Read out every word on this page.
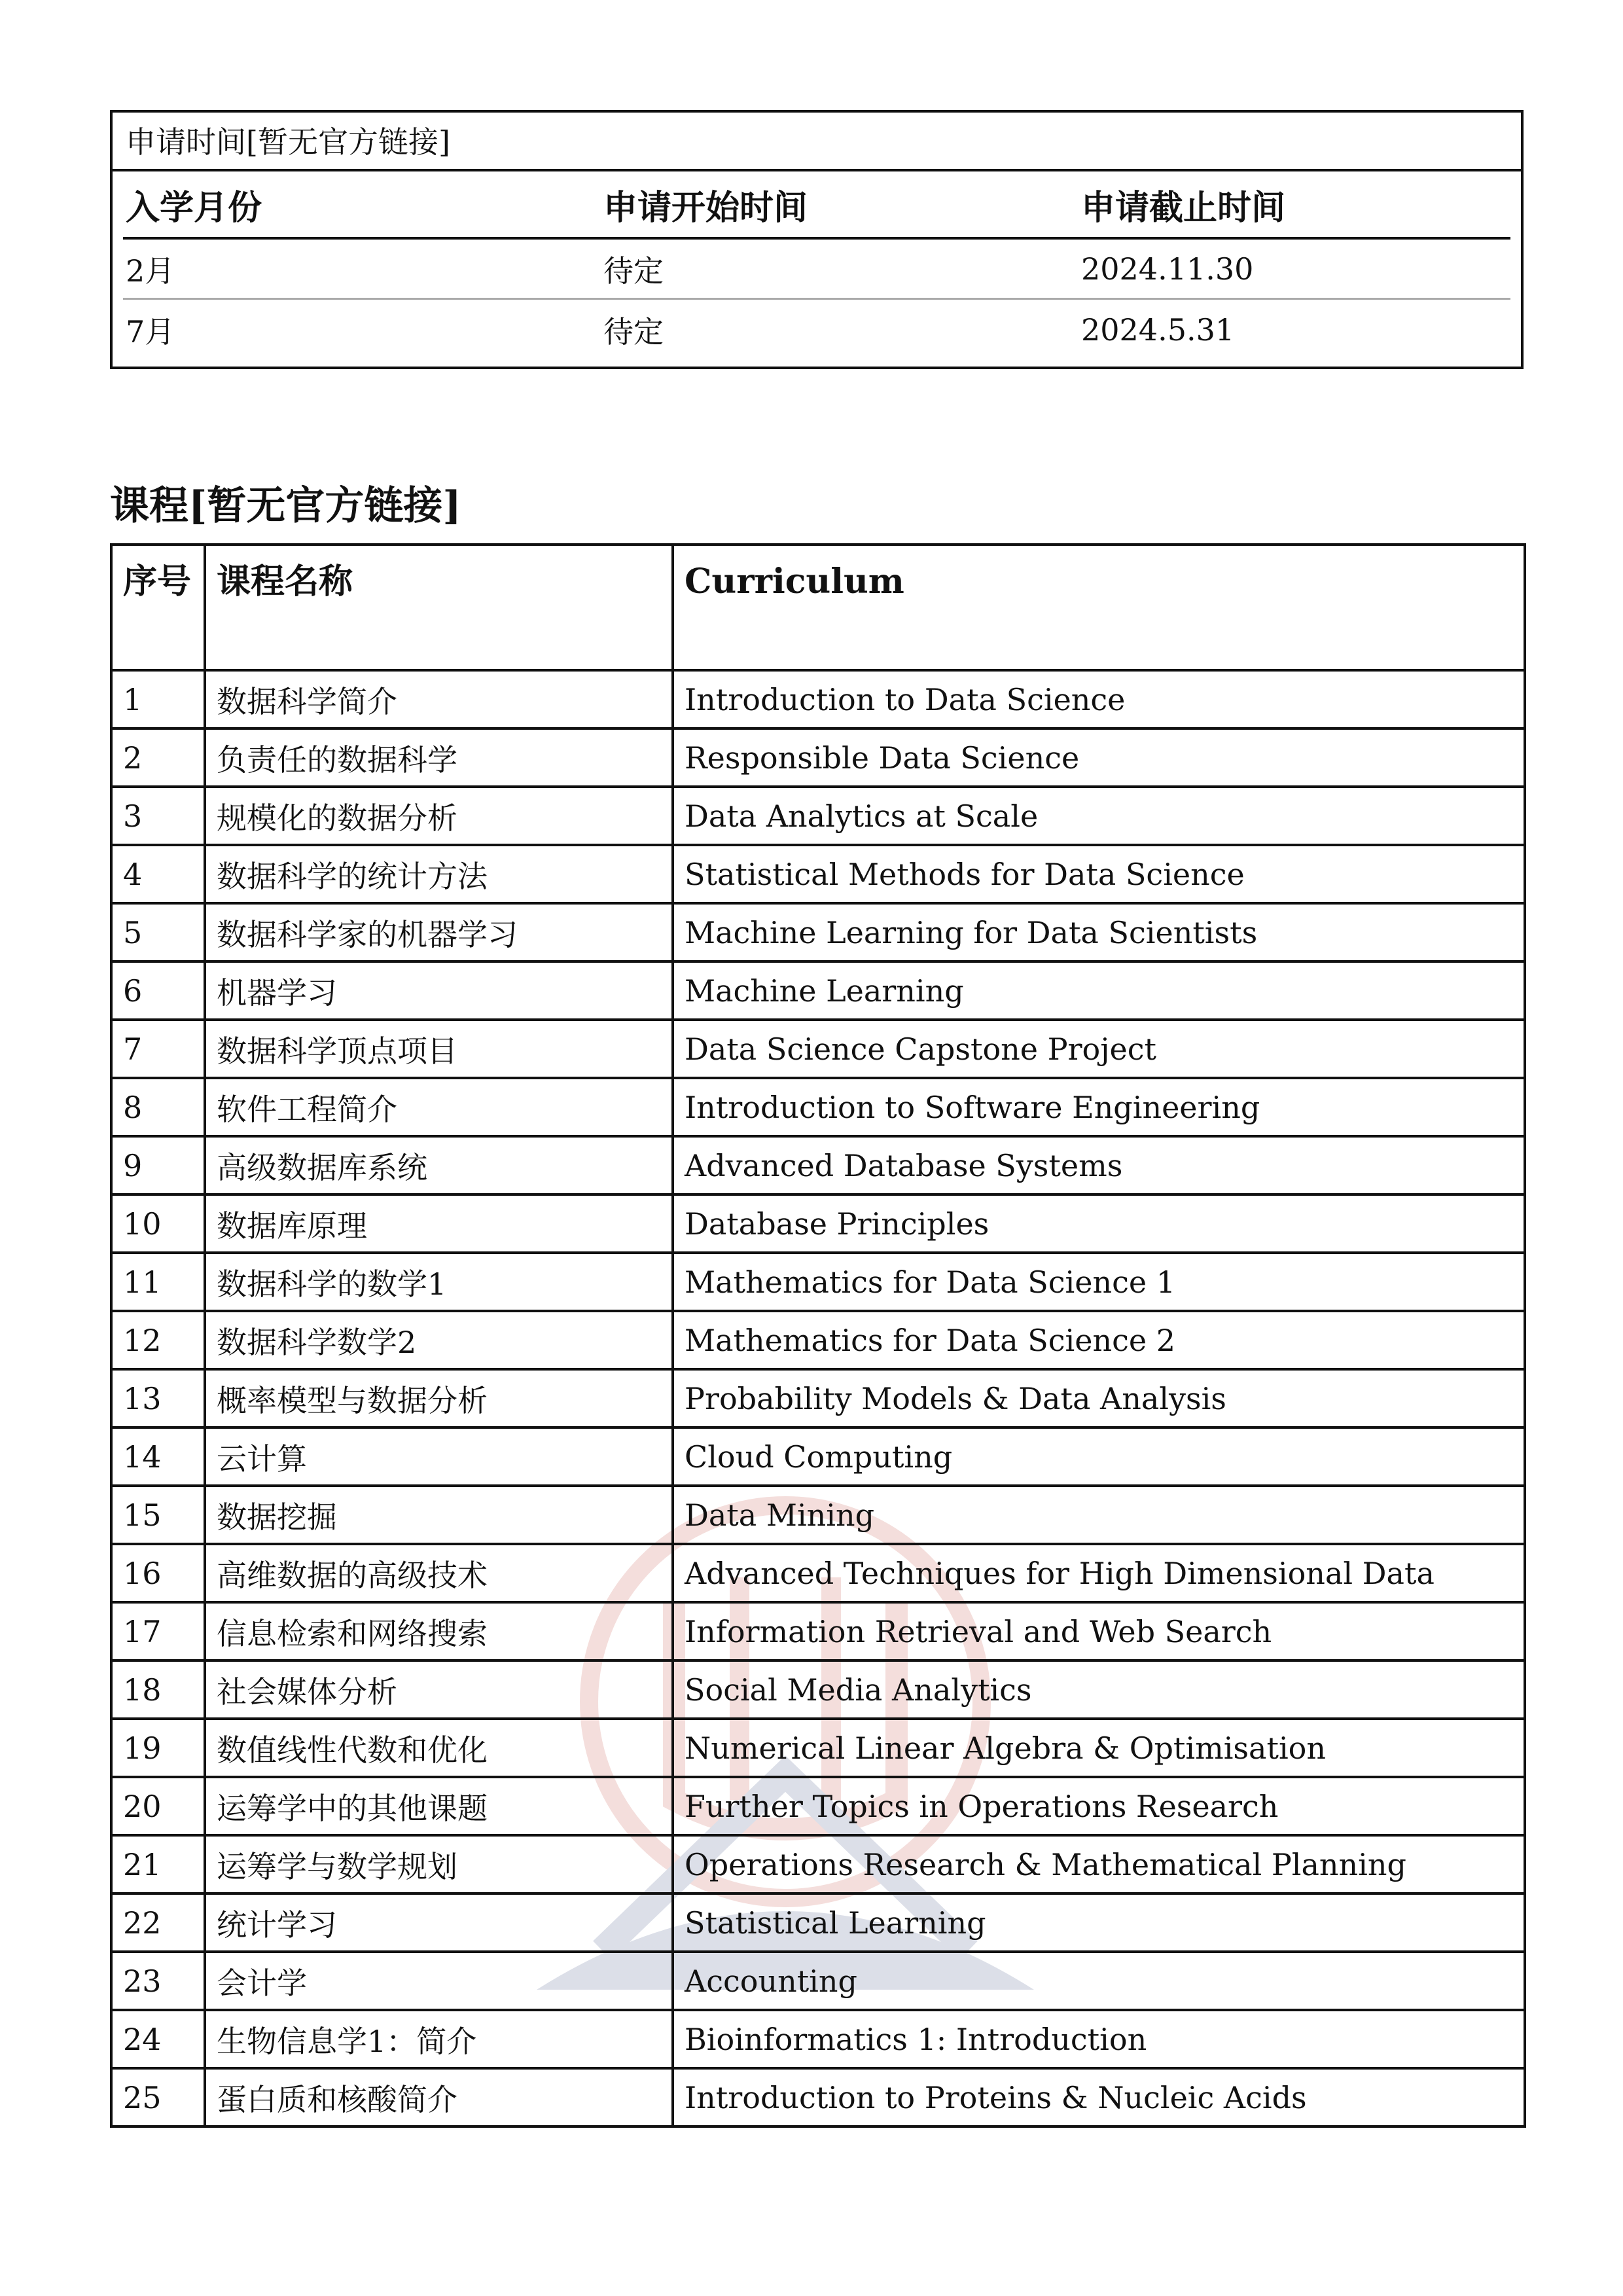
申请时间[暂无官方链接]
入学月份	申请开始时间	申请截止时间
2月	待定	2024.11.30
7月	待定	2024.5.31
课程[暂无官方链接]
序号	课程名称	Curriculum
1	数据科学简介	Introduction to Data Science
2	负责任的数据科学	Responsible Data Science
3	规模化的数据分析	Data Analytics at Scale
4	数据科学的统计方法	Statistical Methods for Data Science
5	数据科学家的机器学习	Machine Learning for Data Scientists
6	机器学习	Machine Learning
7	数据科学顶点项目	Data Science Capstone Project
8	软件工程简介	Introduction to Software Engineering
9	高级数据库系统	Advanced Database Systems
10	数据库原理	Database Principles
11	数据科学的数学1	Mathematics for Data Science 1
12	数据科学数学2	Mathematics for Data Science 2
13	概率模型与数据分析	Probability Models & Data Analysis
14	云计算	Cloud Computing
15	数据挖掘	Data Mining
16	高维数据的高级技术	Advanced Techniques for High Dimensional Data
17	信息检索和网络搜索	Information Retrieval and Web Search
18	社会媒体分析	Social Media Analytics
19	数值线性代数和优化	Numerical Linear Algebra & Optimisation
20	运筹学中的其他课题	Further Topics in Operations Research
21	运筹学与数学规划	Operations Research & Mathematical Planning
22	统计学习	Statistical Learning
23	会计学	Accounting
24	生物信息学1：简介	Bioinformatics 1: Introduction
25	蛋白质和核酸简介	Introduction to Proteins & Nucleic Acids
